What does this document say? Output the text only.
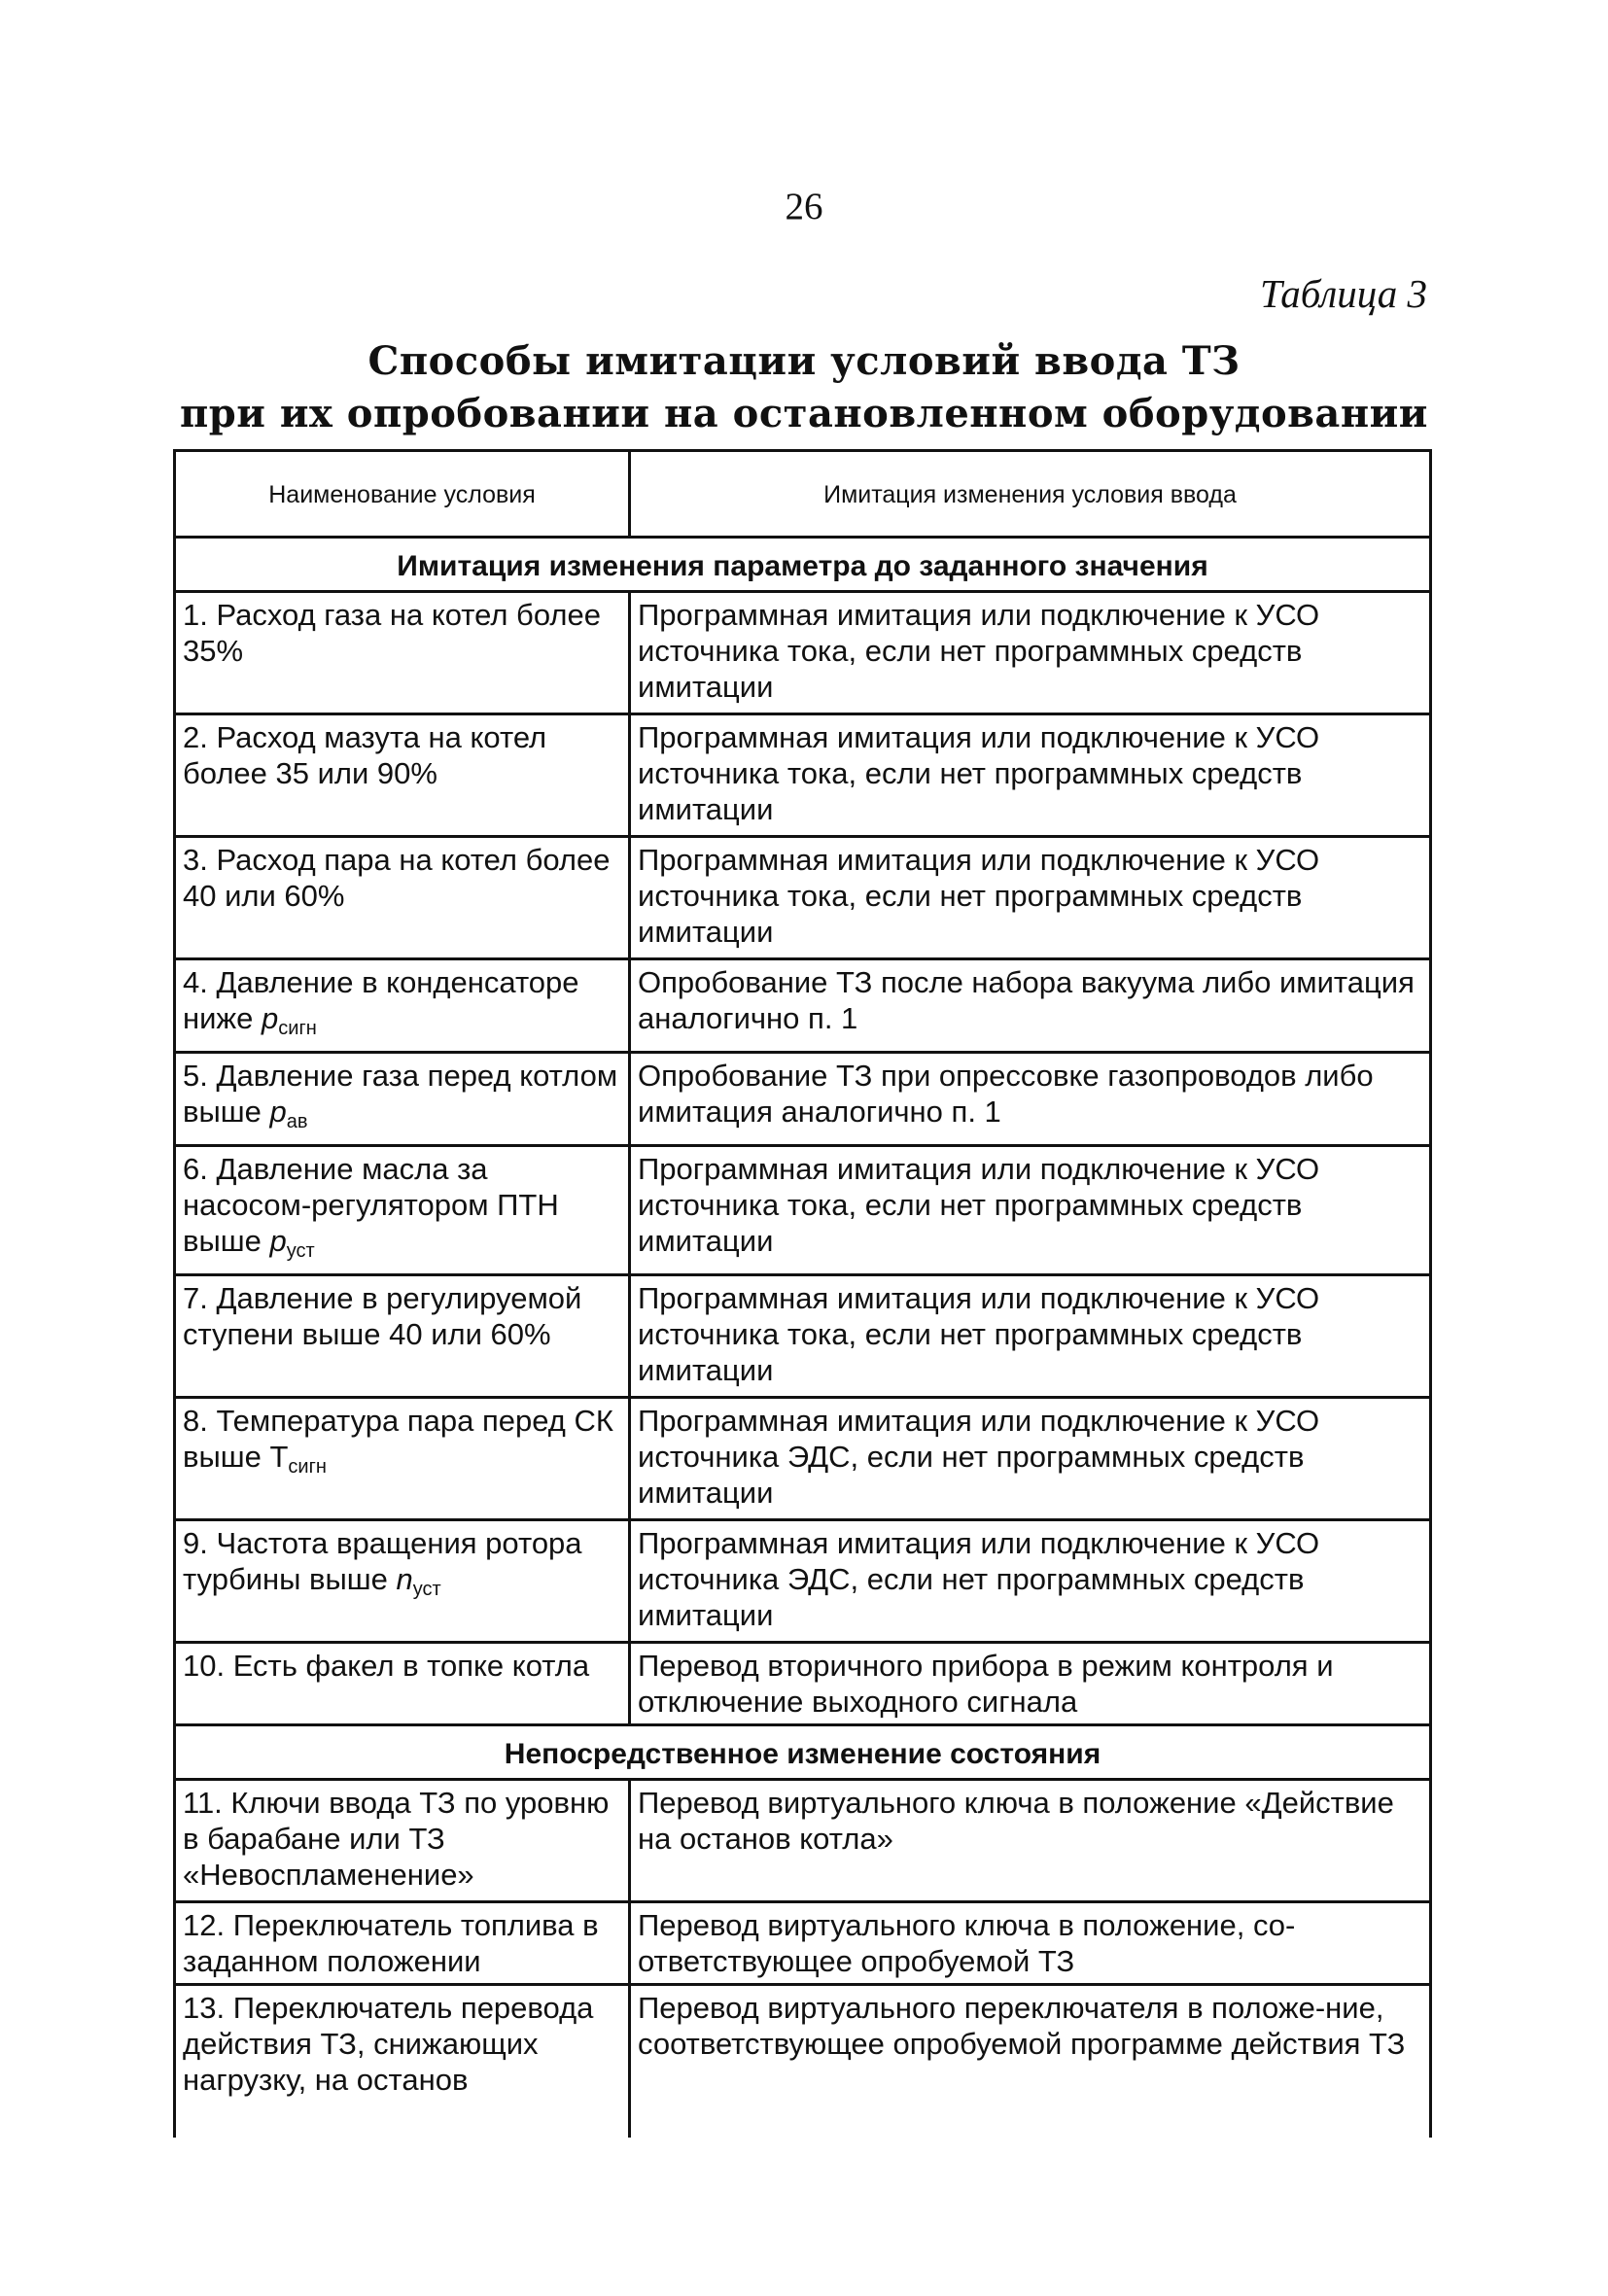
26
Таблица 3
Способы имитации условий ввода ТЗ
при их опробовании на остановленном оборудовании
Наименование условия	Имитация изменения условия ввода
Имитация изменения параметра до заданного значения	
1. Расход газа на котел более 35%	Программная имитация или подключение к УСО источника тока, если нет программных средств имитации
2. Расход мазута на котел более 35 или 90%	Программная имитация или подключение к УСО источника тока, если нет программных средств имитации
3. Расход пара на котел более 40 или 60%	Программная имитация или подключение к УСО источника тока, если нет программных средств имитации
4. Давление в конденсаторе ниже $p_{сигн}$	Опробование ТЗ после набора вакуума либо имитация аналогично п. 1
5. Давление газа перед котлом выше $p_{ав}$	Опробование ТЗ при опрессовке газопроводов либо имитация аналогично п. 1
6. Давление масла за насосом-регулятором ПТН выше $p_{уст}$	Программная имитация или подключение к УСО источника тока, если нет программных средств имитации
7. Давление в регулируемой ступени выше 40 или 60%	Программная имитация или подключение к УСО источника тока, если нет программных средств имитации
8. Температура пара перед СК выше $Т_{сигн}$	Программная имитация или подключение к УСО источника ЭДС, если нет программных средств имитации
9. Частота вращения ротора турбины выше $n_{уст}$	Программная имитация или подключение к УСО источника ЭДС, если нет программных средств имитации
10. Есть факел в топке котла	Перевод вторичного прибора в режим контроля и отключение выходного сигнала
Непосредственное изменение состояния	
11. Ключи ввода ТЗ по уровню в барабане или ТЗ «Невоспламенение»	Перевод виртуального ключа в положение «Действие на останов котла»
12. Переключатель топлива в заданном положении	Перевод виртуального ключа в положение, со-ответствующее опробуемой ТЗ
13. Переключатель перевода действия ТЗ, снижающих нагрузку, на останов	Перевод виртуального переключателя в положе-ние, соответствующее опробуемой программе действия ТЗ
